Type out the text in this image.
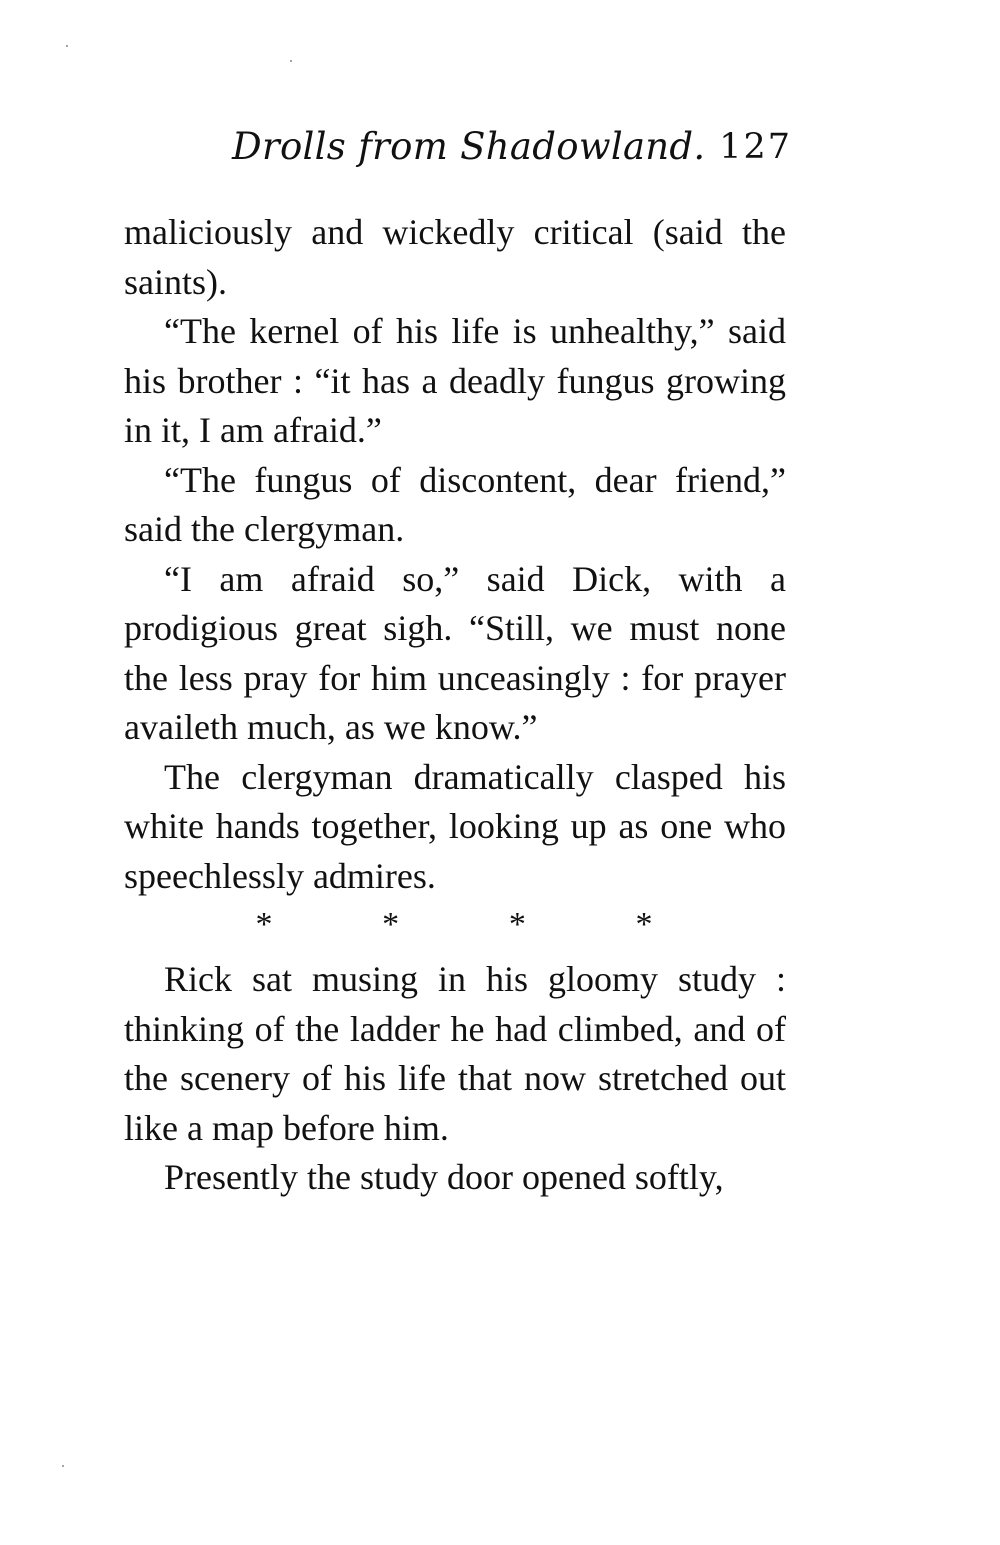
Drolls from Shadowland. 127

maliciously and wickedly critical (said the saints).

“The kernel of his life is unhealthy,” said his brother : “it has a deadly fungus growing in it, I am afraid.”

“The fungus of discontent, dear friend,” said the clergyman.

“I am afraid so,” said Dick, with a prodigious great sigh. “Still, we must none the less pray for him unceasingly : for prayer availeth much, as we know.”

The clergyman dramatically clasped his white hands together, looking up as one who speechlessly admires.

*	*	*	*

Rick sat musing in his gloomy study : thinking of the ladder he had climbed, and of the scenery of his life that now stretched out like a map before him.

Presently the study door opened softly,
